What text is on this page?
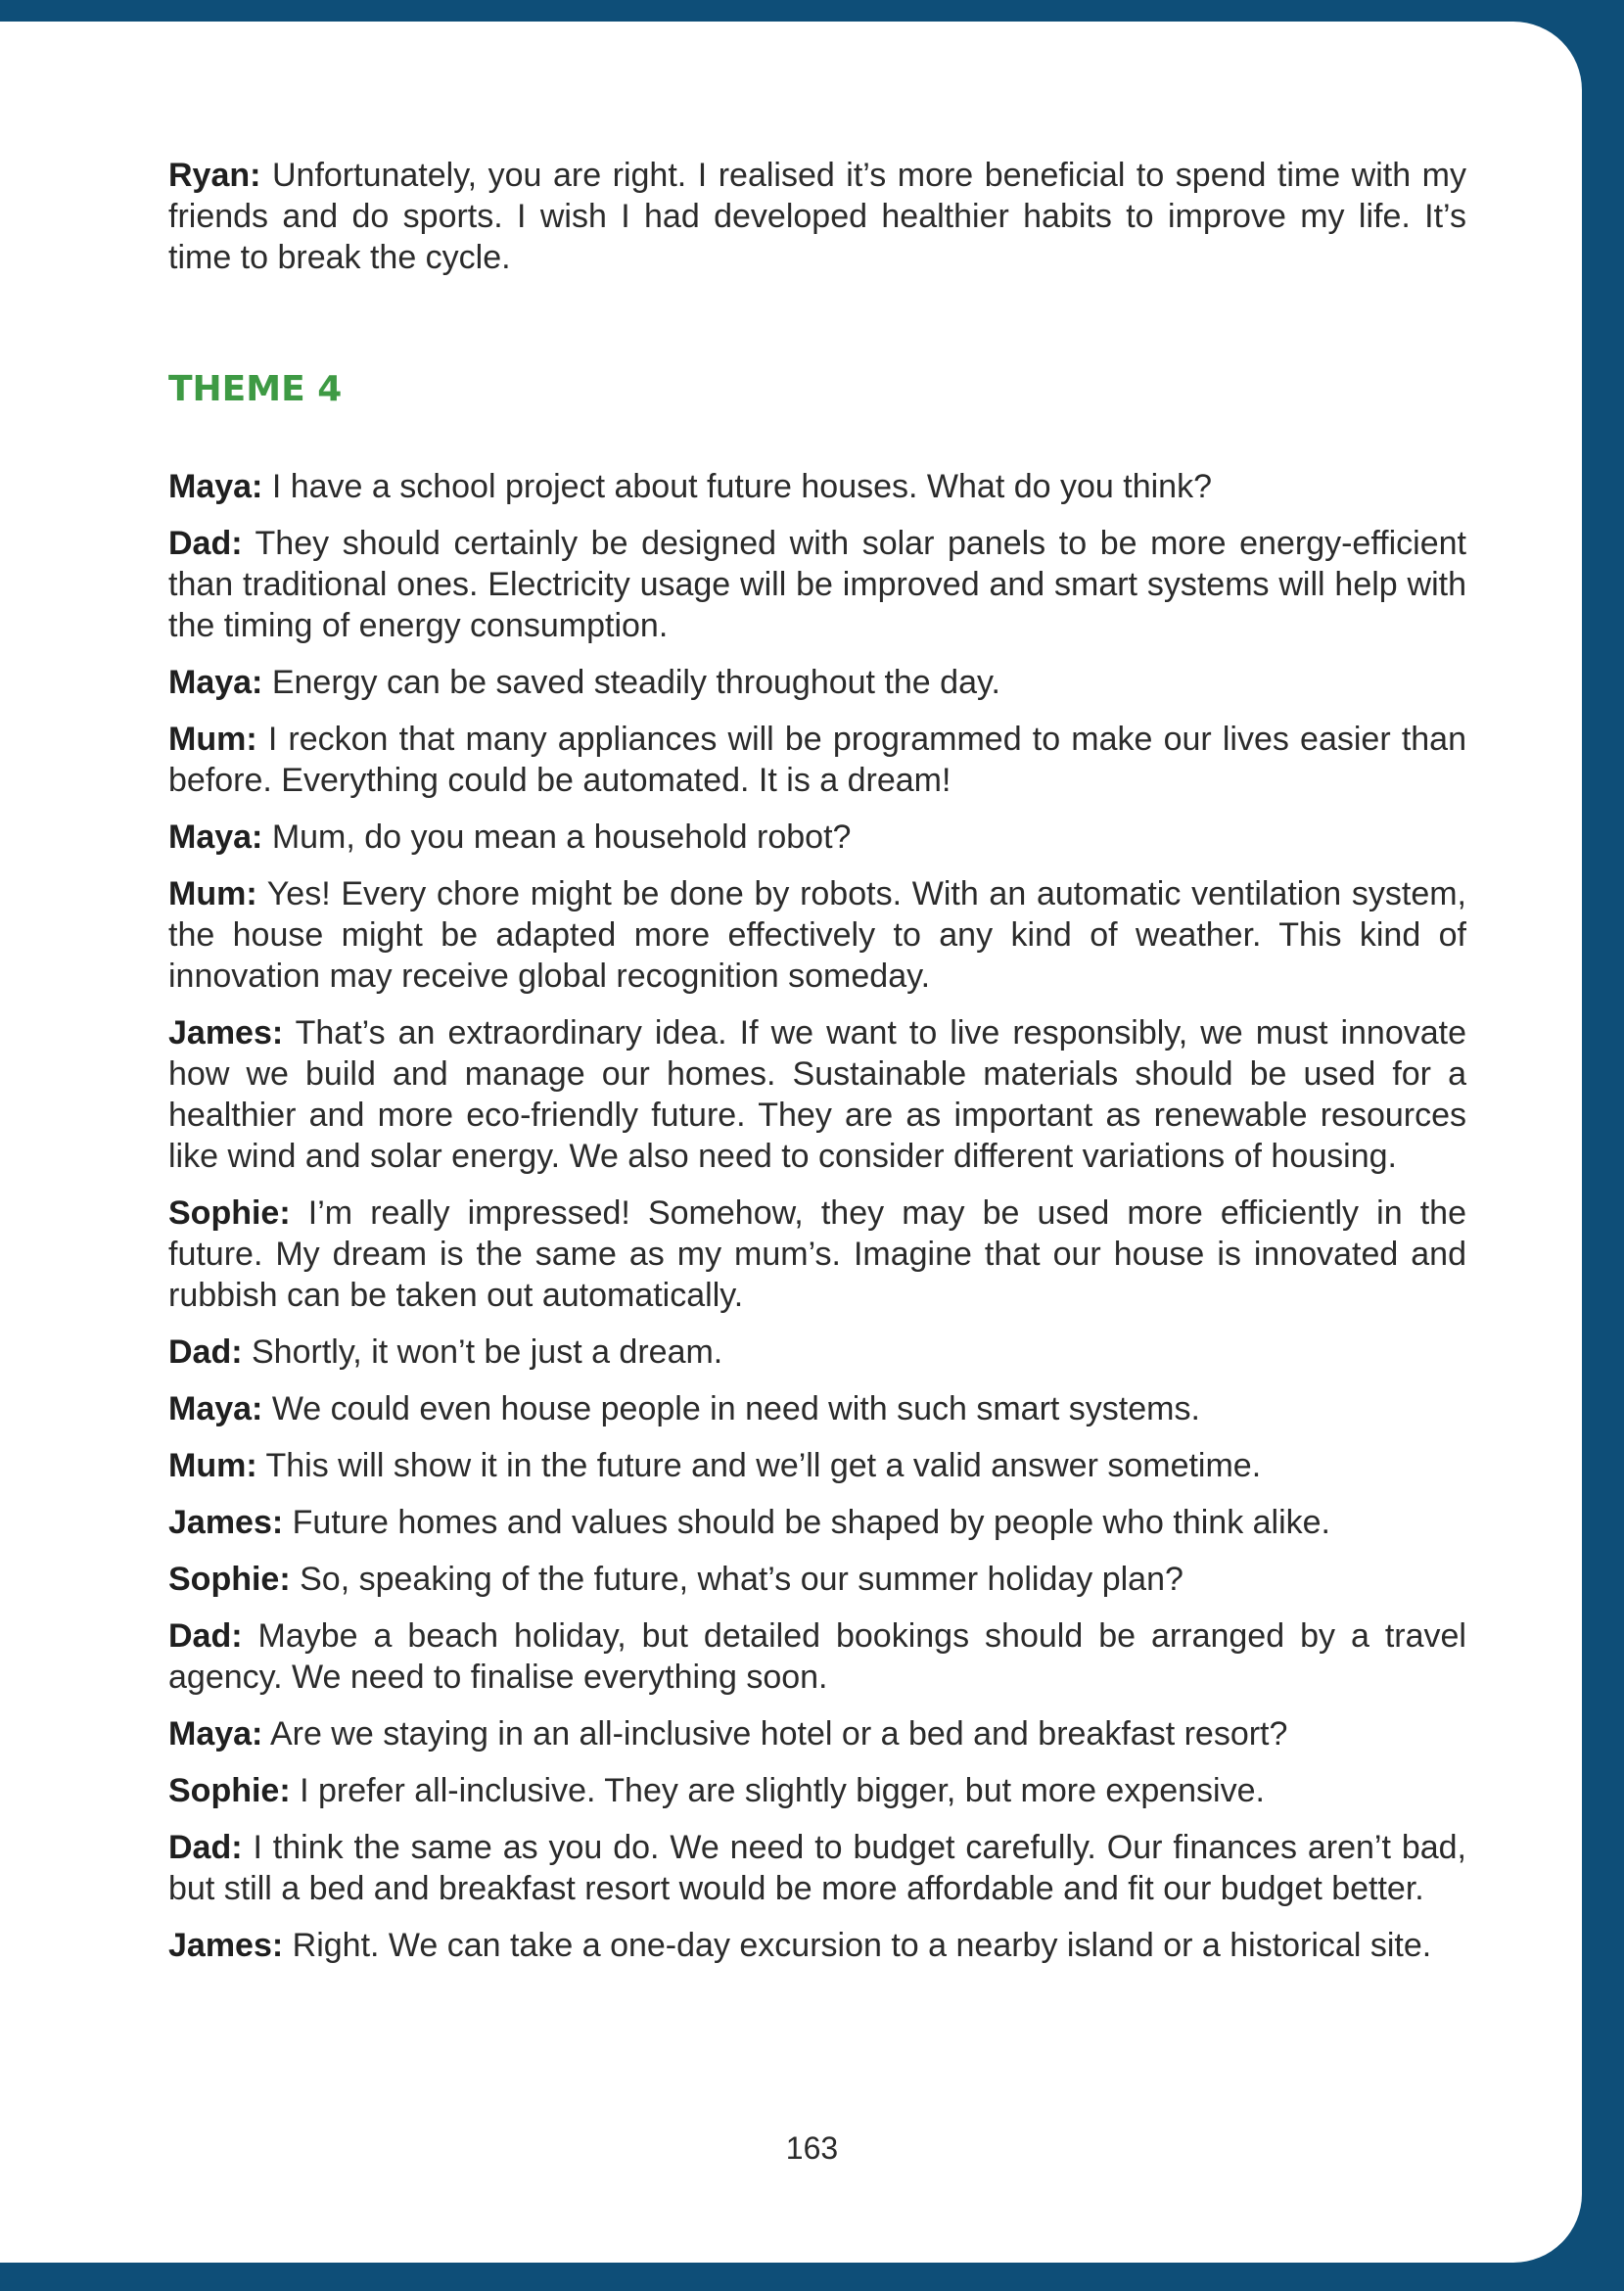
Ryan: Unfortunately, you are right. I realised it’s more beneficial to spend time with my friends and do sports. I wish I had developed healthier habits to improve my life. It’s time to break the cycle.

THEME 4

Maya: I have a school project about future houses. What do you think?

Dad: They should certainly be designed with solar panels to be more energy-efficient than traditional ones. Electricity usage will be improved and smart systems will help with the timing of energy consumption.

Maya: Energy can be saved steadily throughout the day.

Mum: I reckon that many appliances will be programmed to make our lives easier than before. Everything could be automated. It is a dream!

Maya: Mum, do you mean a household robot?

Mum: Yes! Every chore might be done by robots. With an automatic ventilation system, the house might be adapted more effectively to any kind of weather. This kind of innovation may receive global recognition someday.

James: That’s an extraordinary idea. If we want to live responsibly, we must innovate how we build and manage our homes. Sustainable materials should be used for a healthier and more eco-friendly future. They are as important as renewable resources like wind and solar energy. We also need to consider different variations of housing.

Sophie: I’m really impressed! Somehow, they may be used more efficiently in the future. My dream is the same as my mum’s. Imagine that our house is innovated and rubbish can be taken out automatically.

Dad: Shortly, it won’t be just a dream.

Maya: We could even house people in need with such smart systems.

Mum: This will show it in the future and we’ll get a valid answer sometime.

James: Future homes and values should be shaped by people who think alike.

Sophie: So, speaking of the future, what’s our summer holiday plan?

Dad: Maybe a beach holiday, but detailed bookings should be arranged by a travel agency. We need to finalise everything soon.

Maya: Are we staying in an all-inclusive hotel or a bed and breakfast resort?

Sophie: I prefer all-inclusive. They are slightly bigger, but more expensive.

Dad: I think the same as you do. We need to budget carefully. Our finances aren’t bad, but still a bed and breakfast resort would be more affordable and fit our budget better.

James: Right. We can take a one-day excursion to a nearby island or a historical site.

163
